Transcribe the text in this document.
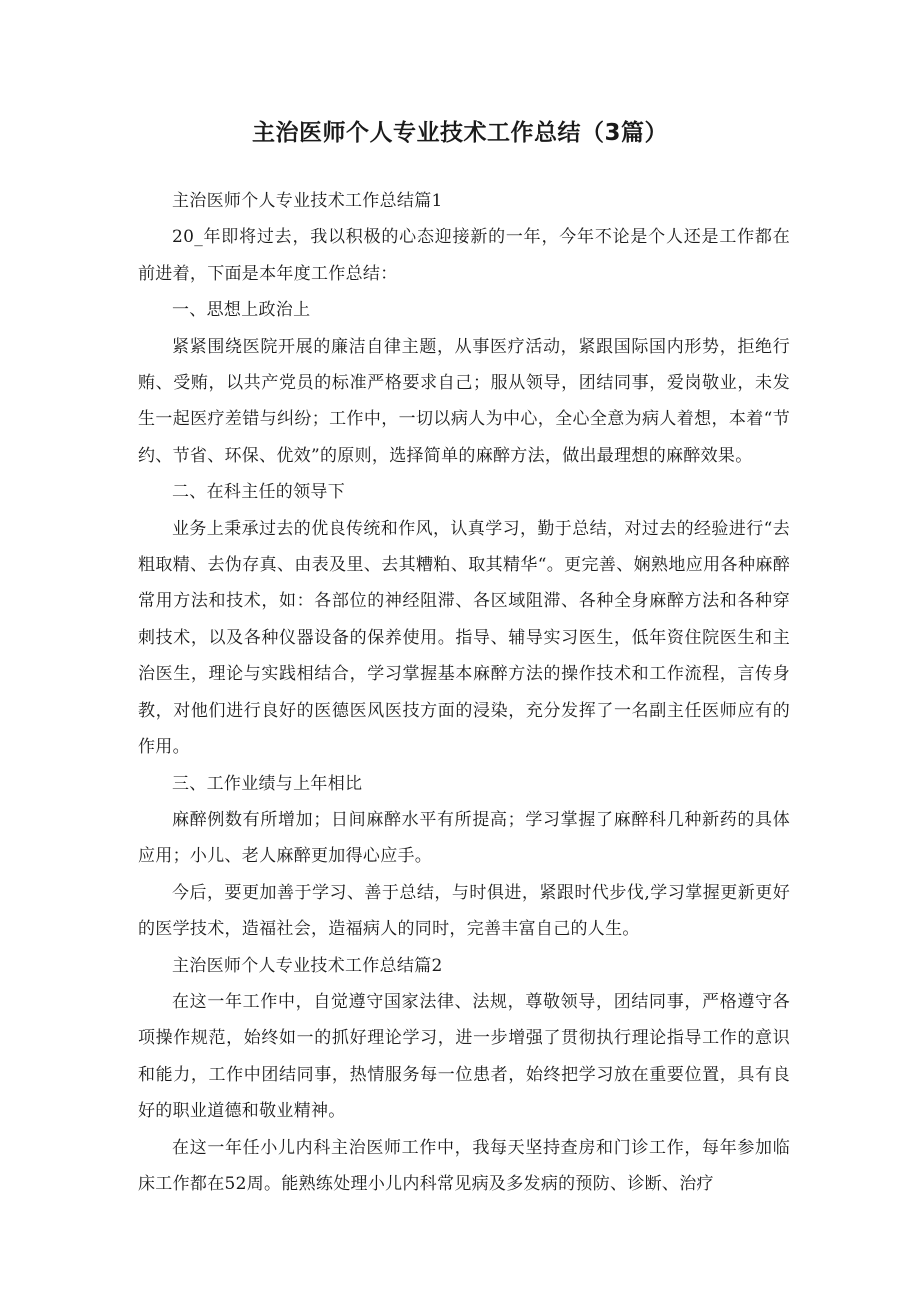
主治医师个人专业技术工作总结（3篇）

主治医师个人专业技术工作总结篇1

20_年即将过去，我以积极的心态迎接新的一年，今年不论是个人还是工作都在前进着，下面是本年度工作总结：

一、思想上政治上

紧紧围绕医院开展的廉洁自律主题，从事医疗活动，紧跟国际国内形势，拒绝行贿、受贿，以共产党员的标准严格要求自己；服从领导，团结同事，爱岗敬业，未发生一起医疗差错与纠纷；工作中，一切以病人为中心，全心全意为病人着想，本着“节约、节省、环保、优效”的原则，选择简单的麻醉方法，做出最理想的麻醉效果。

二、在科主任的领导下

业务上秉承过去的优良传统和作风，认真学习，勤于总结，对过去的经验进行“去粗取精、去伪存真、由表及里、去其糟粕、取其精华“。更完善、娴熟地应用各种麻醉常用方法和技术，如：各部位的神经阻滞、各区域阻滞、各种全身麻醉方法和各种穿刺技术，以及各种仪器设备的保养使用。指导、辅导实习医生，低年资住院医生和主治医生，理论与实践相结合，学习掌握基本麻醉方法的操作技术和工作流程，言传身教，对他们进行良好的医德医风医技方面的浸染，充分发挥了一名副主任医师应有的作用。

三、工作业绩与上年相比

麻醉例数有所增加；日间麻醉水平有所提高；学习掌握了麻醉科几种新药的具体应用；小儿、老人麻醉更加得心应手。

今后，要更加善于学习、善于总结，与时俱进，紧跟时代步伐,学习掌握更新更好的医学技术，造福社会，造福病人的同时，完善丰富自己的人生。

主治医师个人专业技术工作总结篇2

在这一年工作中，自觉遵守国家法律、法规，尊敬领导，团结同事，严格遵守各项操作规范，始终如一的抓好理论学习，进一步增强了贯彻执行理论指导工作的意识和能力，工作中团结同事，热情服务每一位患者，始终把学习放在重要位置，具有良好的职业道德和敬业精神。

在这一年任小儿内科主治医师工作中，我每天坚持查房和门诊工作，每年参加临床工作都在52周。能熟练处理小儿内科常见病及多发病的预防、诊断、治疗
